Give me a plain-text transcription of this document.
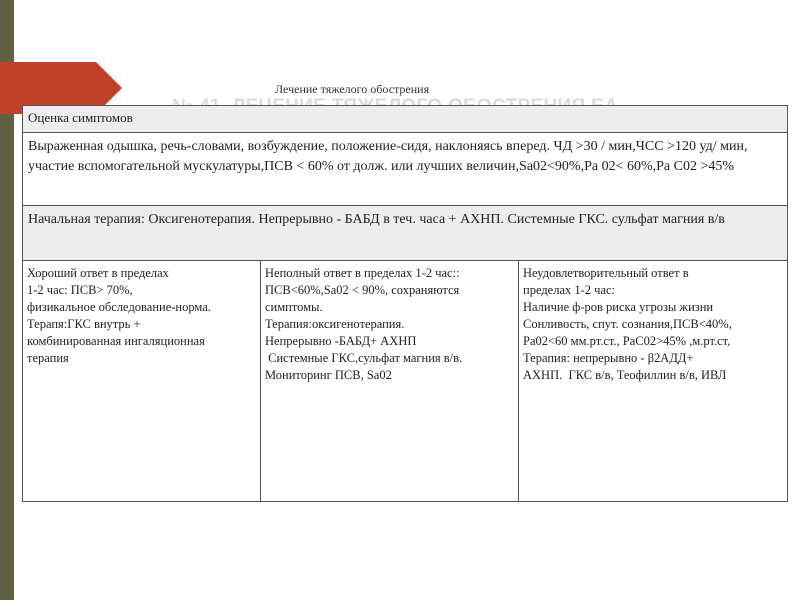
Лечение тяжелого обострения
Оценка симптомов
Выраженная одышка, речь-словами, возбуждение, положение-сидя, наклоняясь вперед. ЧД >30 / мин,ЧСС >120 уд/ мин, участие вспомогательной мускулатуры,ПСВ < 60% от долж. или лучших величин,Sa02<90%,Pa 02< 60%,Pa C02 >45%
Начальная терапия: Оксигенотерапия. Непрерывно - БАБД в теч. часа + АХНП. Системные ГКС. сульфат магния в/в

Хороший ответ в пределах
1-2 час: ПСВ> 70%,
физикальное обследование-норма.
Терапя:ГКС внутрь +
комбинированная ингаляционная
терапия

Неполный ответ в пределах 1-2 час::
ПСВ<60%,Sa02 < 90%, сохраняются
симптомы.
Терапия:оксигенотерапия.
Непрерывно -БАБД+ АХНП
Системные ГКС,сульфат магния в/в.
Мониторинг ПСВ, Sa02

Неудовлетворительный ответ в
пределах 1-2 час:
Наличие ф-ров риска угрозы жизни
Сонливость, спут. сознания,ПСВ<40%,
Pa02<60 мм.рт.ст., PaC02>45% ,м.рт.ст,
Терапия: непрерывно - β2АДД+
АХНП.  ГКС в/в, Теофиллин в/в, ИВЛ
